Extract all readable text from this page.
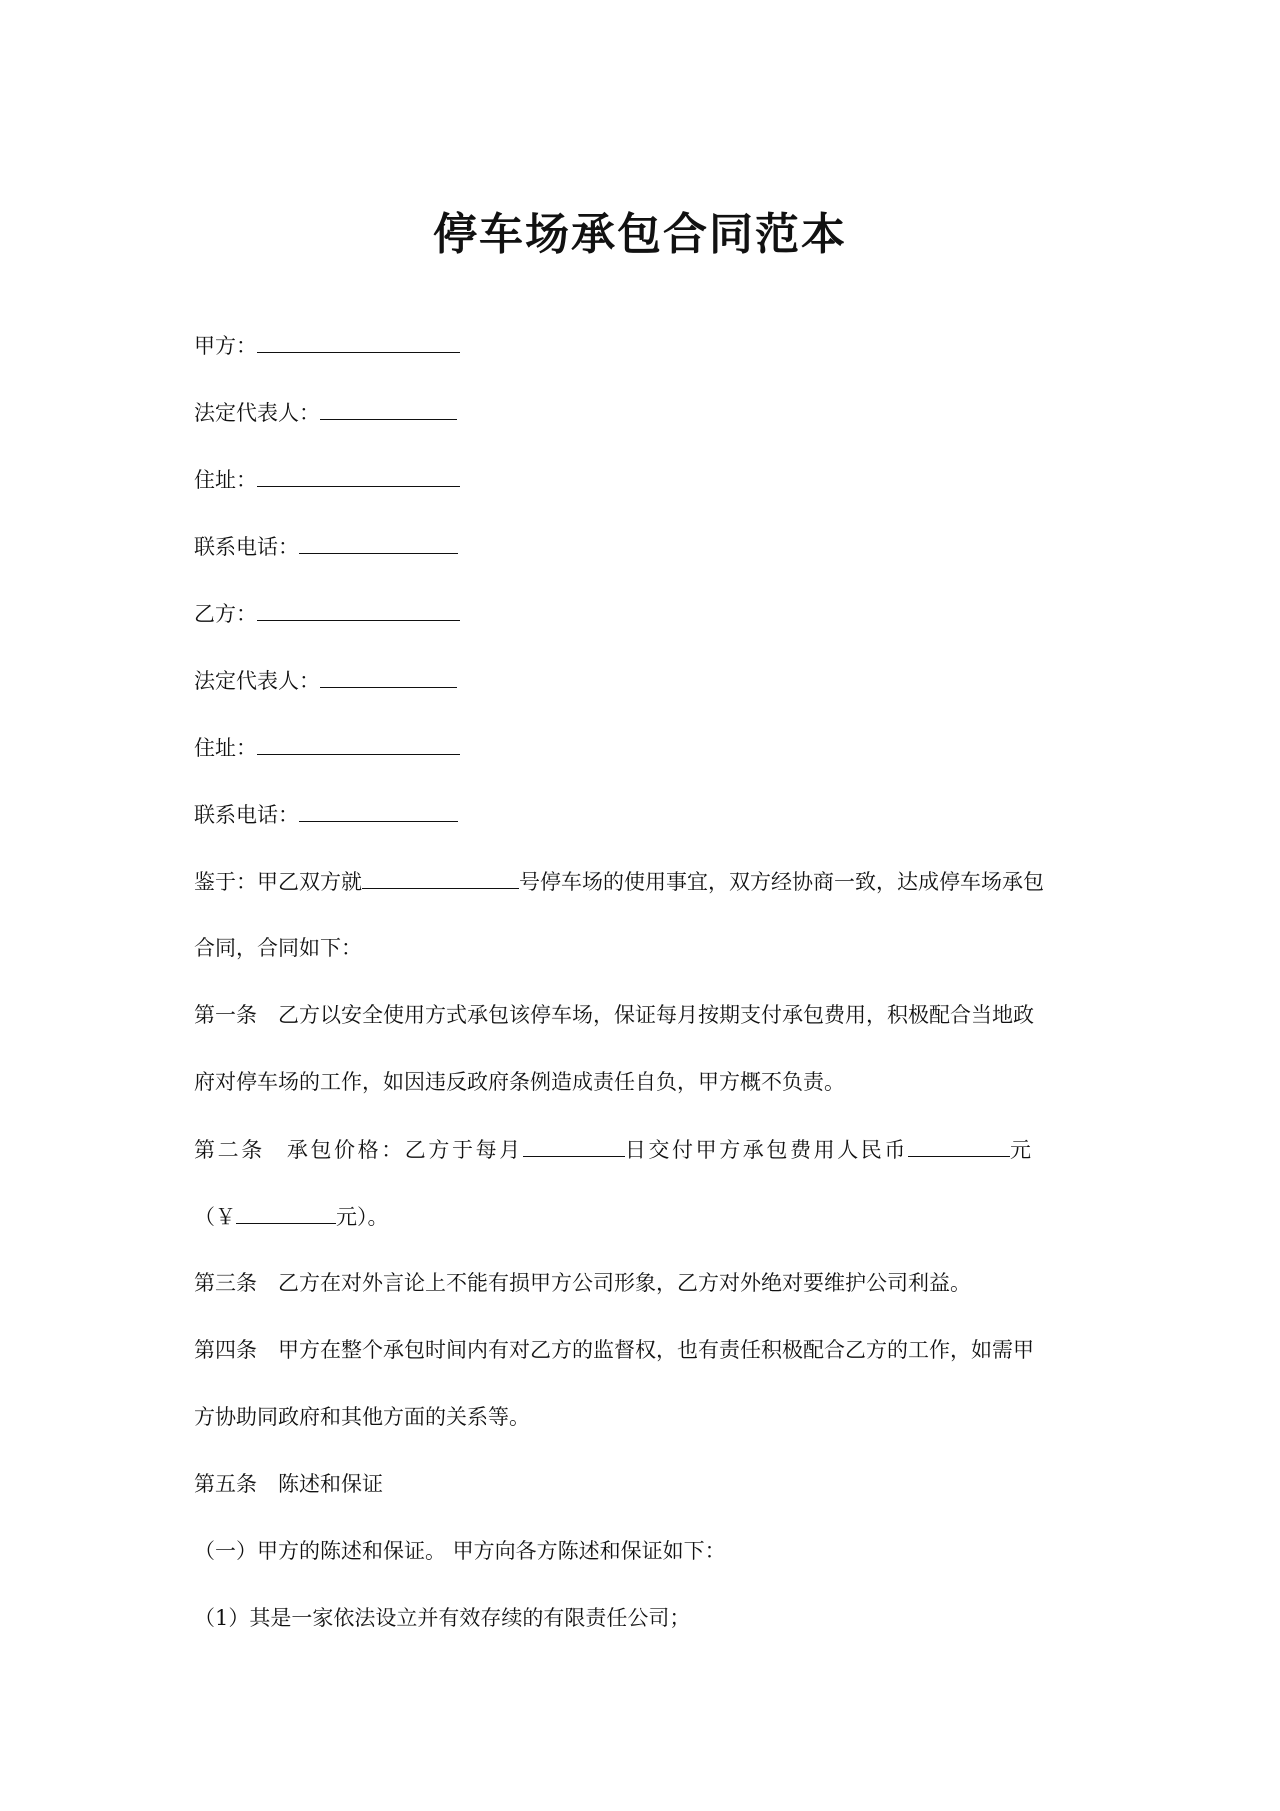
停车场承包合同范本
甲方：
法定代表人：
住址：
联系电话：
乙方：
法定代表人：
住址：
联系电话：
鉴于：甲乙双方就	号停车场的使用事宜，双方经协商一致，达成停车场承包
合同，合同如下：
第一条　乙方以安全使用方式承包该停车场，保证每月按期支付承包费用，积极配合当地政
府对停车场的工作，如因违反政府条例造成责任自负，甲方概不负责。
第二条 承包价格：乙方于每月	日交付甲方承包费用人民币	元
（￥	元）。
第三条　乙方在对外言论上不能有损甲方公司形象，乙方对外绝对要维护公司利益。
第四条　甲方在整个承包时间内有对乙方的监督权，也有责任积极配合乙方的工作，如需甲
方协助同政府和其他方面的关系等。
第五条　陈述和保证
（一）甲方的陈述和保证。 甲方向各方陈述和保证如下：
（1）其是一家依法设立并有效存续的有限责任公司；
